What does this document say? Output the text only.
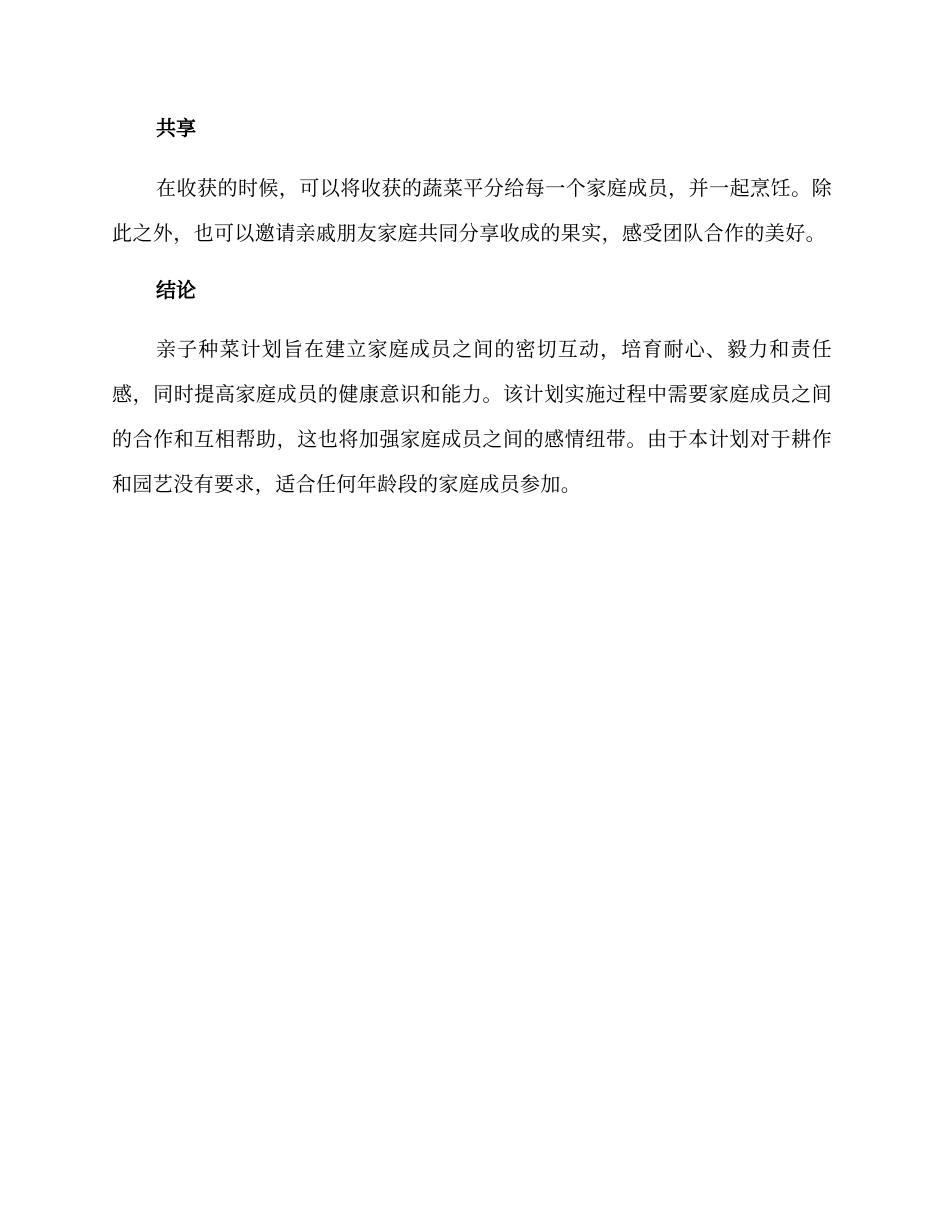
共享

在收获的时候，可以将收获的蔬菜平分给每一个家庭成员，并一起烹饪。除此之外，也可以邀请亲戚朋友家庭共同分享收成的果实，感受团队合作的美好。

结论

亲子种菜计划旨在建立家庭成员之间的密切互动，培育耐心、毅力和责任感，同时提高家庭成员的健康意识和能力。该计划实施过程中需要家庭成员之间的合作和互相帮助，这也将加强家庭成员之间的感情纽带。由于本计划对于耕作和园艺没有要求，适合任何年龄段的家庭成员参加。
